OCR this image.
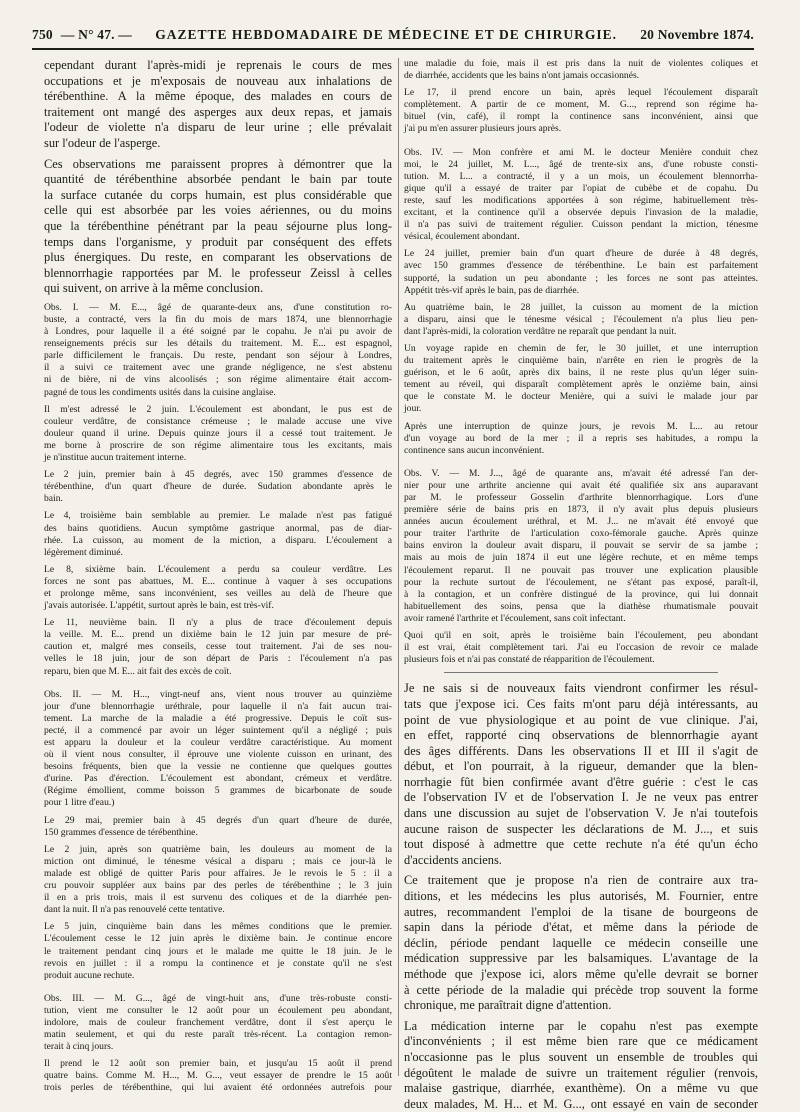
750 — N° 47. — GAZETTE HEBDOMADAIRE DE MÉDECINE ET DE CHIRURGIE. 20 Novembre 1874.
cependant durant l'après-midi je reprenais le cours de mes
occupations et je m'exposais de nouveau aux inhalations de
térébenthine. A la même époque, des malades en cours de
traitement ont mangé des asperges aux deux repas, et jamais
l'odeur de violette n'a disparu de leur urine ; elle prévalait
sur l'odeur de l'asperge.
Ces observations me paraissent propres à démontrer que la
quantité de térébenthine absorbée pendant le bain par toute
la surface cutanée du corps humain, est plus considérable que
celle qui est absorbée par les voies aériennes, ou du moins
que la térébenthine pénétrant par la peau séjourne plus long-
temps dans l'organisme, y produit par conséquent des effets
plus énergiques. Du reste, en comparant les observations de
blennorrhagie rapportées par M. le professeur Zeissl à celles
qui suivent, on arrive à la même conclusion.
Obs. I. — M. E..., âgé de quarante-deux ans, d'une constitution ro-
buste, a contracté, vers la fin du mois de mars 1874, une blennorrhagie
à Londres, pour laquelle il a été soigné par le copahu. Je n'ai pu avoir de
renseignements précis sur les détails du traitement. M. E... est espagnol,
parle difficilement le français. Du reste, pendant son séjour à Londres,
il a suivi ce traitement avec une grande négligence, ne s'est abstenu
ni de bière, ni de vins alcoolisés ; son régime alimentaire était accom-
pagné de tous les condiments usités dans la cuisine anglaise.
Il m'est adressé le 2 juin. L'écoulement est abondant, le pus est de
couleur verdâtre, de consistance crémeuse ; le malade accuse une vive
douleur quand il urine. Depuis quinze jours il a cessé tout traitement. Je
me borne à proscrire de son régime alimentaire tous les excitants, mais
je n'institue aucun traitement interne.
Le 2 juin, premier bain à 45 degrés, avec 150 grammes d'essence de
térébenthine, d'un quart d'heure de durée. Sudation abondante après le
bain.
Le 4, troisième bain semblable au premier. Le malade n'est pas fatigué
des bains quotidiens. Aucun symptôme gastrique anormal, pas de diar-
rhée. La cuisson, au moment de la miction, a disparu. L'écoulement a
légèrement diminué.
Le 8, sixième bain. L'écoulement a perdu sa couleur verdâtre. Les
forces ne sont pas abattues, M. E... continue à vaquer à ses occupations
et prolonge même, sans inconvénient, ses veilles au delà de l'heure que
j'avais autorisée. L'appétit, surtout après le bain, est très-vif.
Le 11, neuvième bain. Il n'y a plus de trace d'écoulement depuis
la veille. M. E... prend un dixième bain le 12 juin par mesure de pré-
caution et, malgré mes conseils, cesse tout traitement. J'ai de ses nou-
velles le 18 juin, jour de son départ de Paris : l'écoulement n'a pas
reparu, bien que M. E... ait fait des excès de coït.
Obs. II. — M. H..., vingt-neuf ans, vient nous trouver au quinzième
jour d'une blennorrhagie uréthrale, pour laquelle il n'a fait aucun trai-
tement. La marche de la maladie a été progressive. Depuis le coït sus-
pecté, il a commencé par avoir un léger suintement qu'il a négligé ; puis
est apparu la douleur et la couleur verdâtre caractéristique. Au moment
où il vient nous consulter, il éprouve une violente cuisson en urinant, des
besoins fréquents, bien que la vessie ne contienne que quelques gouttes
d'urine. Pas d'érection. L'écoulement est abondant, crémeux et verdâtre.
(Régime émollient, comme boisson 5 grammes de bicarbonate de soude
pour 1 litre d'eau.)
Le 29 mai, premier bain à 45 degrés d'un quart d'heure de durée,
150 grammes d'essence de térébenthine.
Le 2 juin, après son quatrième bain, les douleurs au moment de la
miction ont diminué, le ténesme vésical a disparu ; mais ce jour-là le
malade est obligé de quitter Paris pour affaires. Je le revois le 5 : il a
cru pouvoir suppléer aux bains par des perles de térébenthine ; le 3 juin
il en a pris trois, mais il est survenu des coliques et de la diarrhée pen-
dant la nuit. Il n'a pas renouvelé cette tentative.
Le 5 juin, cinquième bain dans les mêmes conditions que le premier.
L'écoulement cesse le 12 juin après le dixième bain. Je continue encore
le traitement pendant cinq jours et le malade me quitte le 18 juin. Je le
revois en juillet : il a rompu la continence et je constate qu'il ne s'est
produit aucune rechute.
Obs. III. — M. G..., âgé de vingt-huit ans, d'une très-robuste consti-
tution, vient me consulter le 12 août pour un écoulement peu abondant,
indolore, mais de couleur franchement verdâtre, dont il s'est aperçu le
matin seulement, et qui du reste paraît très-récent. La contagion remon-
terait à cinq jours.
Il prend le 12 août son premier bain, et jusqu'au 15 août il prend
quatre bains. Comme M. H..., M. G..., veut essayer de prendre le 15 août
trois perles de térébenthine, qui lui avaient été ordonnées autrefois pour
une maladie du foie, mais il est pris dans la nuit de violentes coliques et
de diarrhée, accidents que les bains n'ont jamais occasionnés.
Le 17, il prend encore un bain, après lequel l'écoulement disparaît
complètement. A partir de ce moment, M. G..., reprend son régime ha-
bituel (vin, café), il rompt la continence sans inconvénient, ainsi que
j'ai pu m'en assurer plusieurs jours après.
Obs. IV. — Mon confrère et ami M. le docteur Menière conduit chez
moi, le 24 juillet, M. L..., âgé de trente-six ans, d'une robuste consti-
tution. M. L... a contracté, il y a un mois, un écoulement blennorrha-
gique qu'il a essayé de traiter par l'opiat de cubèbe et de copahu. Du
reste, sauf les modifications apportées à son régime, habituellement très-
excitant, et la continence qu'il a observée depuis l'invasion de la maladie,
il n'a pas suivi de traitement régulier. Cuisson pendant la miction, ténesme
vésical, écoulement abondant.
Le 24 juillet, premier bain d'un quart d'heure de durée à 48 degrés,
avec 150 grammes d'essence de térébenthine. Le bain est parfaitement
supporté, la sudation un peu abondante ; les forces ne sont pas atteintes.
Appétit très-vif après le bain, pas de diarrhée.
Au quatrième bain, le 28 juillet, la cuisson au moment de la miction
a disparu, ainsi que le ténesme vésical ; l'écoulement n'a plus lieu pen-
dant l'après-midi, la coloration verdâtre ne reparaît que pendant la nuit.
Un voyage rapide en chemin de fer, le 30 juillet, et une interruption
du traitement après le cinquième bain, n'arrête en rien le progrès de la
guérison, et le 6 août, après dix bains, il ne reste plus qu'un léger suin-
tement au réveil, qui disparaît complètement après le onzième bain, ainsi
que le constate M. le docteur Menière, qui a suivi le malade jour par
jour.
Après une interruption de quinze jours, je revois M. L... au retour
d'un voyage au bord de la mer ; il a repris ses habitudes, a rompu la
continence sans aucun inconvénient.
Obs. V. — M. J..., âgé de quarante ans, m'avait été adressé l'an der-
nier pour une arthrite ancienne qui avait été qualifiée six ans auparavant
par M. le professeur Gosselin d'arthrite blennorrhagique. Lors d'une
première série de bains pris en 1873, il n'y avait plus depuis plusieurs
années aucun écoulement uréthral, et M. J... ne m'avait été envoyé que
pour traiter l'arthrite de l'articulation coxo-fémorale gauche. Après quinze
bains environ la douleur avait disparu, il pouvait se servir de sa jambe ;
mais au mois de juin 1874 il eut une légère rechute, et en même temps
l'écoulement reparut. Il ne pouvait pas trouver une explication plausible
pour la rechute surtout de l'écoulement, ne s'étant pas exposé, paraît-il,
à la contagion, et un confrère distingué de la province, qui lui donnait
habituellement des soins, pensa que la diathèse rhumatismale pouvait
avoir ramené l'arthrite et l'écoulement, sans coït infectant.
Quoi qu'il en soit, après le troisième bain l'écoulement, peu abondant
il est vrai, était complètement tari. J'ai eu l'occasion de revoir ce malade
plusieurs fois et n'ai pas constaté de réapparition de l'écoulement.
Je ne sais si de nouveaux faits viendront confirmer les résul-
tats que j'expose ici. Ces faits m'ont paru déjà intéressants, au
point de vue physiologique et au point de vue clinique. J'ai,
en effet, rapporté cinq observations de blennorrhagie ayant
des âges différents. Dans les observations II et III il s'agit de
début, et l'on pourrait, à la rigueur, demander que la blen-
norrhagie fût bien confirmée avant d'être guérie : c'est le cas
de l'observation IV et de l'observation I. Je ne veux pas entrer
dans une discussion au sujet de l'observation V. Je n'ai toutefois
aucune raison de suspecter les déclarations de M. J..., et suis
tout disposé à admettre que cette rechute n'a été qu'un écho
d'accidents anciens.
Ce traitement que je propose n'a rien de contraire aux tra-
ditions, et les médecins les plus autorisés, M. Fournier, entre
autres, recommandent l'emploi de la tisane de bourgeons de
sapin dans la période d'état, et même dans la période de
déclin, période pendant laquelle ce médecin conseille une
médication suppressive par les balsamiques. L'avantage de la
méthode que j'expose ici, alors même qu'elle devrait se borner
à cette période de la maladie qui précède trop souvent la forme
chronique, me paraîtrait digne d'attention.
La médication interne par le copahu n'est pas exempte
d'inconvénients ; il est même bien rare que ce médicament
n'occasionne pas le plus souvent un ensemble de troubles qui
dégoûtent le malade de suivre un traitement régulier (renvois,
malaise gastrique, diarrhée, exanthème). On a même vu que
deux malades, M. H... et M. G..., ont essayé en vain de seconder
